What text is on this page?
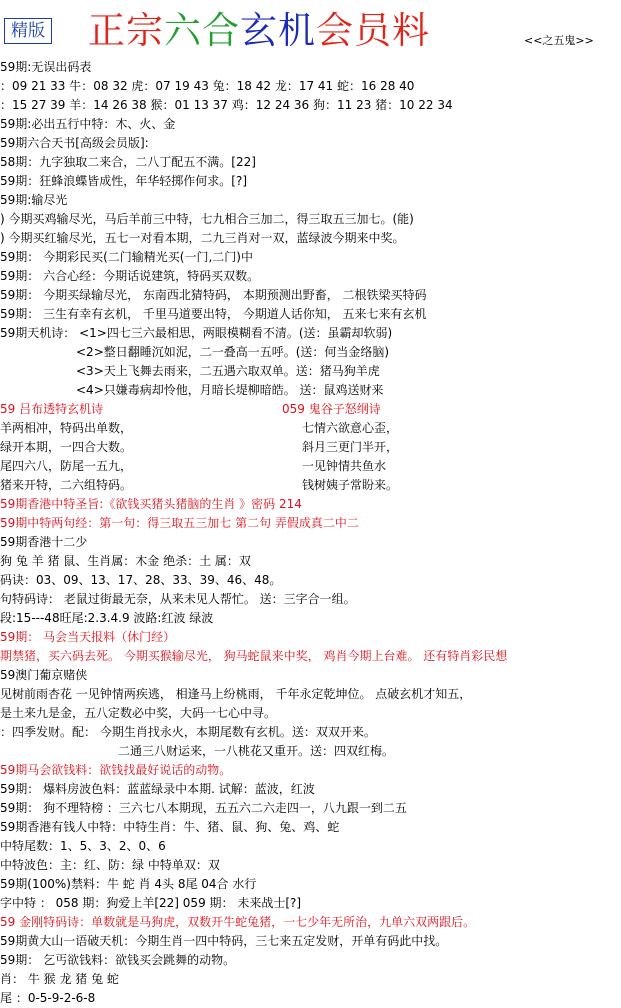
精版 正宗六合玄机会员料	<<之五鬼>>
59期:无误出码表
：09 21 33 牛：08 32 虎：07 19 43 兔：18 42 龙：17 41 蛇：16 28 40
：15 27 39 羊：14 26 38 猴：01 13 37 鸡：12 24 36 狗：11 23 猪：10 22 34
59期:必出五行中特：木、火、金
59期六合天书[高级会员版]:
58期：九字独取二来合，二八丁配五不满。[22]
59期：狂蜂浪蝶皆成性，年华轻掷作何求。[?]
59期:输尽光
) 今期买鸡输尽光，马后羊前三中特，七九相合三加二，得三取五三加七。(能)
) 今期买红输尽光，五七一对看本期，二九三肖对一双，蓝绿波今期来中奖。
59期： 今期彩民买(二门输精光买(一门,二门)中
59期： 六合心经：今期话说建筑，特码买双数。
59期： 今期买绿输尽光， 东南西北猜特码， 本期预测出野畜， 二根铁梁买特码
59期： 三生有幸有玄机， 千里马道要出特， 今期道人话你知， 五来七来有玄机
59期天机诗： <1>四七三六最相思，两眼模糊看不清。(送：虽霸却软弱)
<2>整日翻睡沉如泥，二一叠高一五呼。(送：何当金络脑)
<3>天上飞舞去雨来，二五遇六取双单。送：猪马狗羊虎
<4>只嫌毒病却怜他，月暗长堤柳暗皓。 送：鼠鸡送财来
59 吕布透特玄机诗	059 鬼谷子怒纲诗
羊两相冲，特码出单数，
绿开本期，一四合大数。
尾四六八，防尾一五九，
猪来开特，二六组特码。
七情六欲意心歪，
斜月三更门半开，
一见钟情共鱼水
钱树姨子常盼来。
59期香港中特圣旨:《欲钱买猪头猪脑的生肖 》密码 214
59期中特两句经：第一句：得三取五三加七 第二句 弄假成真二中二
59期香港十二少
狗 兔 羊 猪 鼠、生肖属：木金 绝杀：土 属：双
码诀：03、09、13、17、28、33、39、46、48。
句特码诗： 老鼠过街最无奈，从来未见人帮忙。 送：三字合一组。
段:15---48旺尾:2.3.4.9 波路:红波 绿波
59期： 马会当天报料（休门经）
期禁猪，买六码去死。 今期买猴输尽光， 狗马蛇鼠来中奖， 鸡肖今期上台难。 还有特肖彩民想
59澳门葡京赌侠
见树前雨杏花 一见钟情两疾逃， 相逢马上纷桃雨， 千年永定乾坤位。 点破玄机才知五，
是土来九是金，五八定数必中奖，大码一七心中寻。
：四季发财。配： 今期生肖找永火，本期尾数有玄机。送：双双开来。
二通三八财运来，一八桃花又重开。送：四双红梅。
59期马会欲钱料：欲钱找最好说话的动物。
59期： 爆料房波色料：蓝蓝绿录中本期. 试解：蓝波，红波
59期： 狗不理特榜 ：三六七八本期现，五五六二六走四一，八九跟一到二五
59期香港有钱人中特：中特生肖：牛、猪、鼠、狗、兔、鸡、蛇
中特尾数：1、5、3、2、0、6
中特波色：主：红、防：绿 中特单双：双
59期(100%)禁料：牛 蛇 肖 4头 8尾 04合 水行
字中特 ： 058 期：狗爱上羊[22] 059 期： 未来战士[?]
59 金刚特码诗：单数就是马狗虎，双数开牛蛇兔猪，一七少年无所治，九单六双两跟后。
59期黄大山一语破天机：今期生肖一四中特码，三七来五定发财，开单有码此中找。
59期： 乞丐欲钱料：欲钱买会跳舞的动物。
肖： 牛 猴 龙 猪 兔 蛇
尾 ：0-5-9-2-6-8
